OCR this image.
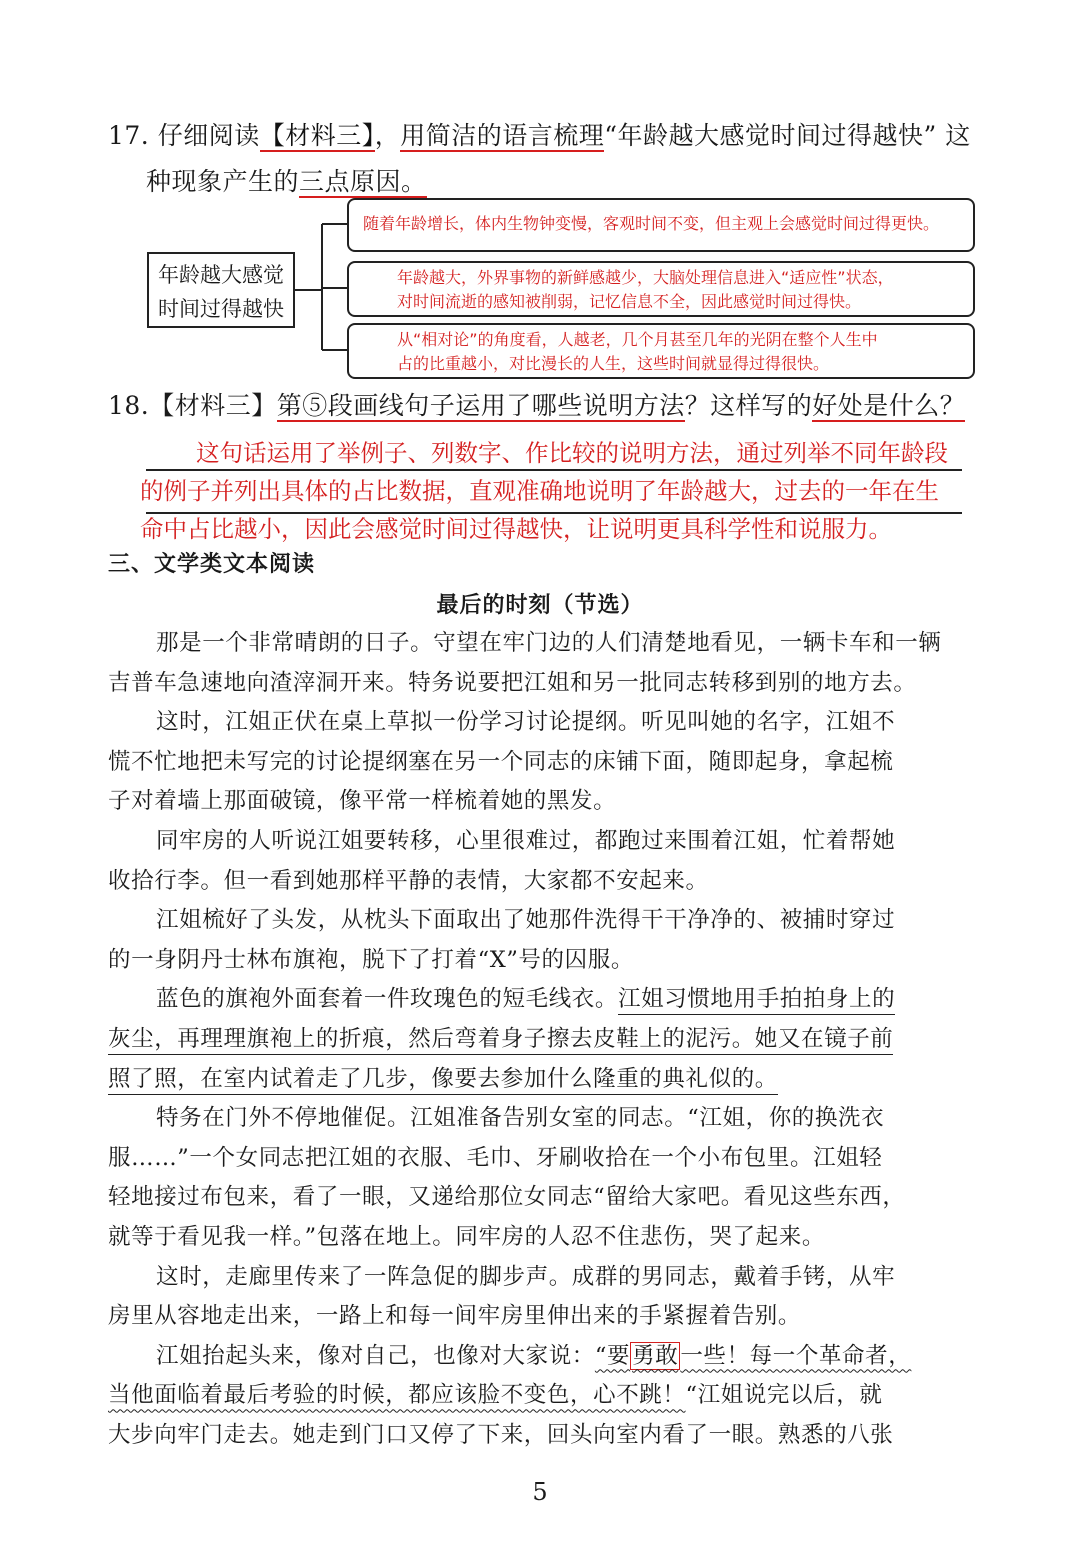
17. 仔细阅读【材料三】，用简洁的语言梳理“年龄越大感觉时间过得越快” 这
种现象产生的三点原因。
年龄越大感觉
时间过得越快
随着年龄增长，体内生物钟变慢，客观时间不变，但主观上会感觉时间过得更快。
年龄越大，外界事物的新鲜感越少，大脑处理信息进入“适应性”状态，
对时间流逝的感知被削弱，记忆信息不全，因此感觉时间过得快。
从“相对论”的角度看，人越老，几个月甚至几年的光阴在整个人生中
占的比重越小，对比漫长的人生，这些时间就显得过得很快。
18.【材料三】第⑤段画线句子运用了哪些说明方法？这样写的好处是什么？
这句话运用了举例子、列数字、作比较的说明方法，通过列举不同年龄段
的例子并列出具体的占比数据，直观准确地说明了年龄越大，过去的一年在生
命中占比越小，因此会感觉时间过得越快，让说明更具科学性和说服力。
三、文学类文本阅读
最后的时刻（节选）
那是一个非常晴朗的日子。守望在牢门边的人们清楚地看见，一辆卡车和一辆
吉普车急速地向渣滓洞开来。特务说要把江姐和另一批同志转移到别的地方去。
这时，江姐正伏在桌上草拟一份学习讨论提纲。听见叫她的名字，江姐不
慌不忙地把未写完的讨论提纲塞在另一个同志的床铺下面，随即起身，拿起梳
子对着墙上那面破镜，像平常一样梳着她的黑发。
同牢房的人听说江姐要转移，心里很难过，都跑过来围着江姐，忙着帮她
收拾行李。但一看到她那样平静的表情，大家都不安起来。
江姐梳好了头发，从枕头下面取出了她那件洗得干干净净的、被捕时穿过
的一身阴丹士林布旗袍，脱下了打着“X”号的囚服。
蓝色的旗袍外面套着一件玫瑰色的短毛线衣。江姐习惯地用手拍拍身上的
灰尘，再理理旗袍上的折痕，然后弯着身子擦去皮鞋上的泥污。她又在镜子前
照了照，在室内试着走了几步，像要去参加什么隆重的典礼似的。
特务在门外不停地催促。江姐准备告别女室的同志。“江姐，你的换洗衣
服……”一个女同志把江姐的衣服、毛巾、牙刷收拾在一个小布包里。江姐轻
轻地接过布包来，看了一眼，又递给那位女同志“留给大家吧。看见这些东西，
就等于看见我一样。”包落在地上。同牢房的人忍不住悲伤，哭了起来。
这时，走廊里传来了一阵急促的脚步声。成群的男同志，戴着手铐，从牢
房里从容地走出来，一路上和每一间牢房里伸出来的手紧握着告别。
江姐抬起头来，像对自己，也像对大家说：“要勇敢一些！每一个革命者，
当他面临着最后考验的时候，都应该脸不变色，心不跳！“江姐说完以后，就
大步向牢门走去。她走到门口又停了下来，回头向室内看了一眼。熟悉的八张
5
